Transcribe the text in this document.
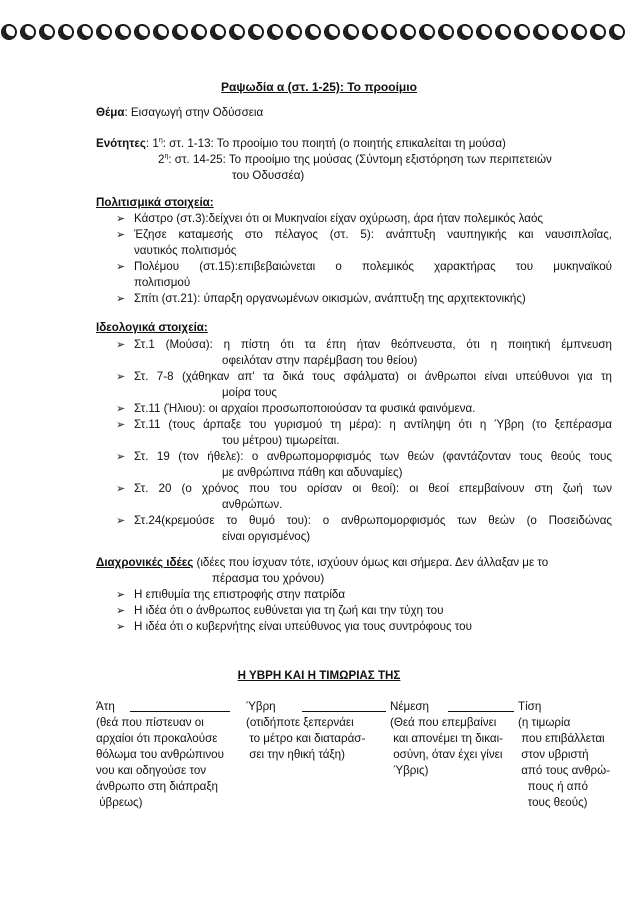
Ραψωδία α (στ. 1-25): Το προοίμιο
Θέμα: Εισαγωγή στην Οδύσσεια
Ενότητες: $1^\eta$: στ. 1-13: Το προοίμιο του ποιητή (ο ποιητής επικαλείται τη μούσα)
$2^\eta$: στ. 14-25: Το προοίμιο της μούσας (Σύντομη εξιστόρηση των περιπετειών
του Οδυσσέα)
Πολιτισμικά στοιχεία:
➢ Κάστρο (στ.3):δείχνει ότι οι Μυκηναίοι είχαν οχύρωση, άρα ήταν πολεμικός λαός
➢ Έζησε καταμεσής στο πέλαγος (στ. 5): ανάπτυξη ναυπηγικής και ναυσιπλοΐας,
ναυτικός πολιτισμός
➢ Πολέμου (στ.15):επιβεβαιώνεται ο πολεμικός χαρακτήρας του μυκηναϊκού
πολιτισμού
➢ Σπίτι (στ.21): ύπαρξη οργανωμένων οικισμών, ανάπτυξη της αρχιτεκτονικής)
Ιδεολογικά στοιχεία:
➢ Στ.1 (Μούσα): η πίστη ότι τα έπη ήταν θεόπνευστα, ότι η ποιητική έμπνευση
οφειλόταν στην παρέμβαση του θείου)
➢ Στ. 7-8 (χάθηκαν απ' τα δικά τους σφάλματα) οι άνθρωποι είναι υπεύθυνοι για τη
μοίρα τους
➢ Στ.11 (Ήλιου): οι αρχαίοι προσωποποιούσαν τα φυσικά φαινόμενα.
➢ Στ.11 (τους άρπαξε του γυρισμού τη μέρα): η αντίληψη ότι η Ύβρη (το ξεπέρασμα
του μέτρου) τιμωρείται.
➢ Στ. 19 (τον ήθελε): ο ανθρωπομορφισμός των θεών (φαντάζονταν τους θεούς τους
με ανθρώπινα πάθη και αδυναμίες)
➢ Στ. 20 (ο χρόνος που του ορίσαν οι θεοί): οι θεοί επεμβαίνουν στη ζωή των
ανθρώπων.
➢ Στ.24(κρεμούσε το θυμό του): ο ανθρωπομορφισμός των θεών (ο Ποσειδώνας
είναι οργισμένος)
Διαχρονικές ιδέες (ιδέες που ίσχυαν τότε, ισχύουν όμως και σήμερα. Δεν άλλαξαν με το
πέρασμα του χρόνου)
➢ Η επιθυμία της επιστροφής στην πατρίδα
➢ Η ιδέα ότι ο άνθρωπος ευθύνεται για τη ζωή και την τύχη του
➢ Η ιδέα ότι ο κυβερνήτης είναι υπεύθυνος για τους συντρόφους του
Η ΥΒΡΗ ΚΑΙ Η ΤΙΜΩΡΙΑΣ ΤΗΣ
Άτη
(θεά που πίστευαν οι
αρχαίοι ότι προκαλούσε
θόλωμα του ανθρώπινου
νου και οδηγούσε τον
άνθρωπο στη διάπραξη
ύβρεως)
Ύβρη
(οτιδήποτε ξεπερνάει
το μέτρο και διαταράσ-
σει την ηθική τάξη)
Νέμεση
(Θεά που επεμβαίνει
και απονέμει τη δικαι-
οσύνη, όταν έχει γίνει
Ύβρις)
Τίση
(η τιμωρία
που επιβάλλεται
στον υβριστή
από τους ανθρώ-
πους ή από
τους θεούς)
